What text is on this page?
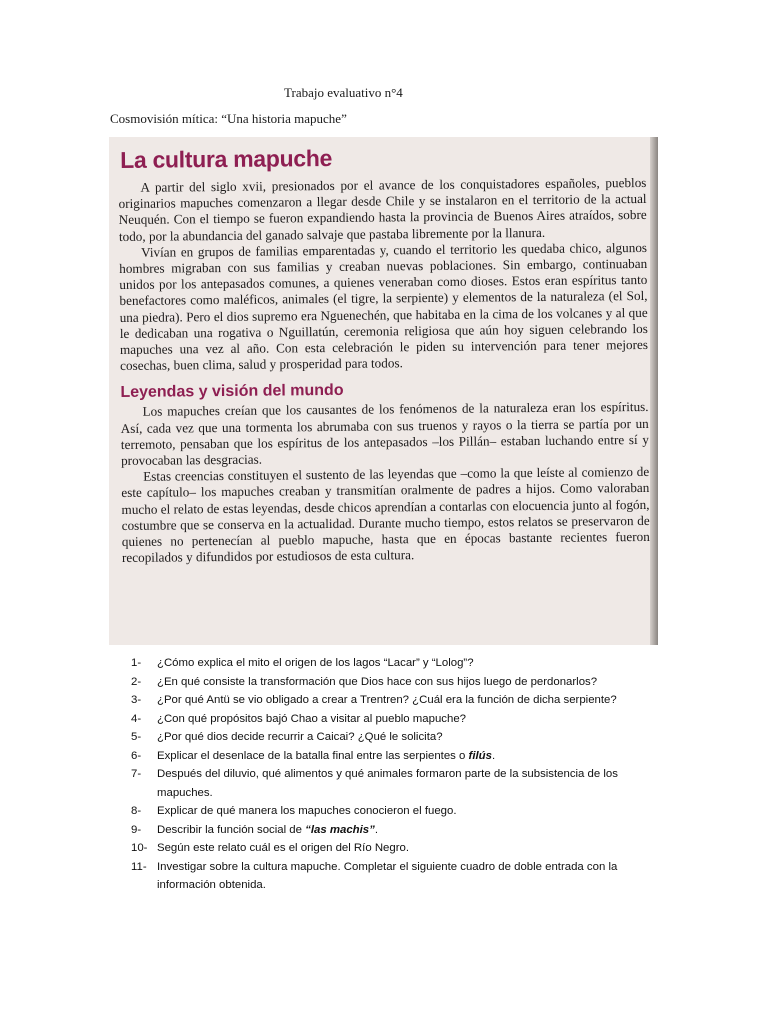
Trabajo evaluativo n°4
Cosmovisión mítica: “Una historia mapuche”
La cultura mapuche

A partir del siglo xvii, presionados por el avance de los conquistadores españoles, pueblos originarios mapuches comenzaron a llegar desde Chile y se instalaron en el territorio de la actual Neuquén. Con el tiempo se fueron expandiendo hasta la provincia de Buenos Aires atraídos, sobre todo, por la abundancia del ganado salvaje que pastaba libremente por la llanura.

Vivían en grupos de familias emparentadas y, cuando el territorio les quedaba chico, algunos hombres migraban con sus familias y creaban nuevas poblaciones. Sin embargo, continuaban unidos por los antepasados comunes, a quienes veneraban como dioses. Estos eran espíritus tanto benefactores como maléficos, animales (el tigre, la serpiente) y elementos de la naturaleza (el Sol, una piedra). Pero el dios supremo era Nguenechén, que habitaba en la cima de los volcanes y al que le dedicaban una rogativa o Nguillatún, ceremonia religiosa que aún hoy siguen celebrando los mapuches una vez al año. Con esta celebración le piden su intervención para tener mejores cosechas, buen clima, salud y prosperidad para todos.

Leyendas y visión del mundo

Los mapuches creían que los causantes de los fenómenos de la naturaleza eran los espíritus. Así, cada vez que una tormenta los abrumaba con sus truenos y rayos o la tierra se partía por un terremoto, pensaban que los espíritus de los antepasados –los Pillán– estaban luchando entre sí y provocaban las desgracias.

Estas creencias constituyen el sustento de las leyendas que –como la que leíste al comienzo de este capítulo– los mapuches creaban y transmitían oralmente de padres a hijos. Como valoraban mucho el relato de estas leyendas, desde chicos aprendían a contarlas con elocuencia junto al fogón, costumbre que se conserva en la actualidad. Durante mucho tiempo, estos relatos se preservaron de quienes no pertenecían al pueblo mapuche, hasta que en épocas bastante recientes fueron recopilados y difundidos por estudiosos de esta cultura.

1-	¿Cómo explica el mito el origen de los lagos “Lacar” y “Lolog”?
2-	¿En qué consiste la transformación que Dios hace con sus hijos luego de perdonarlos?
3-	¿Por qué Antü se vio obligado a crear a Trentren? ¿Cuál era la función de dicha serpiente?
4-	¿Con qué propósitos bajó Chao a visitar al pueblo mapuche?
5-	¿Por qué dios decide recurrir a Caicai? ¿Qué le solicita?
6-	Explicar el desenlace de la batalla final entre las serpientes o filús.
7-	Después del diluvio, qué alimentos y qué animales formaron parte de la subsistencia de los mapuches.
8-	Explicar de qué manera los mapuches conocieron el fuego.
9-	Describir la función social de “las machis”.
10- Según este relato cuál es el origen del Río Negro.
11- Investigar sobre la cultura mapuche. Completar el siguiente cuadro de doble entrada con la información obtenida.
